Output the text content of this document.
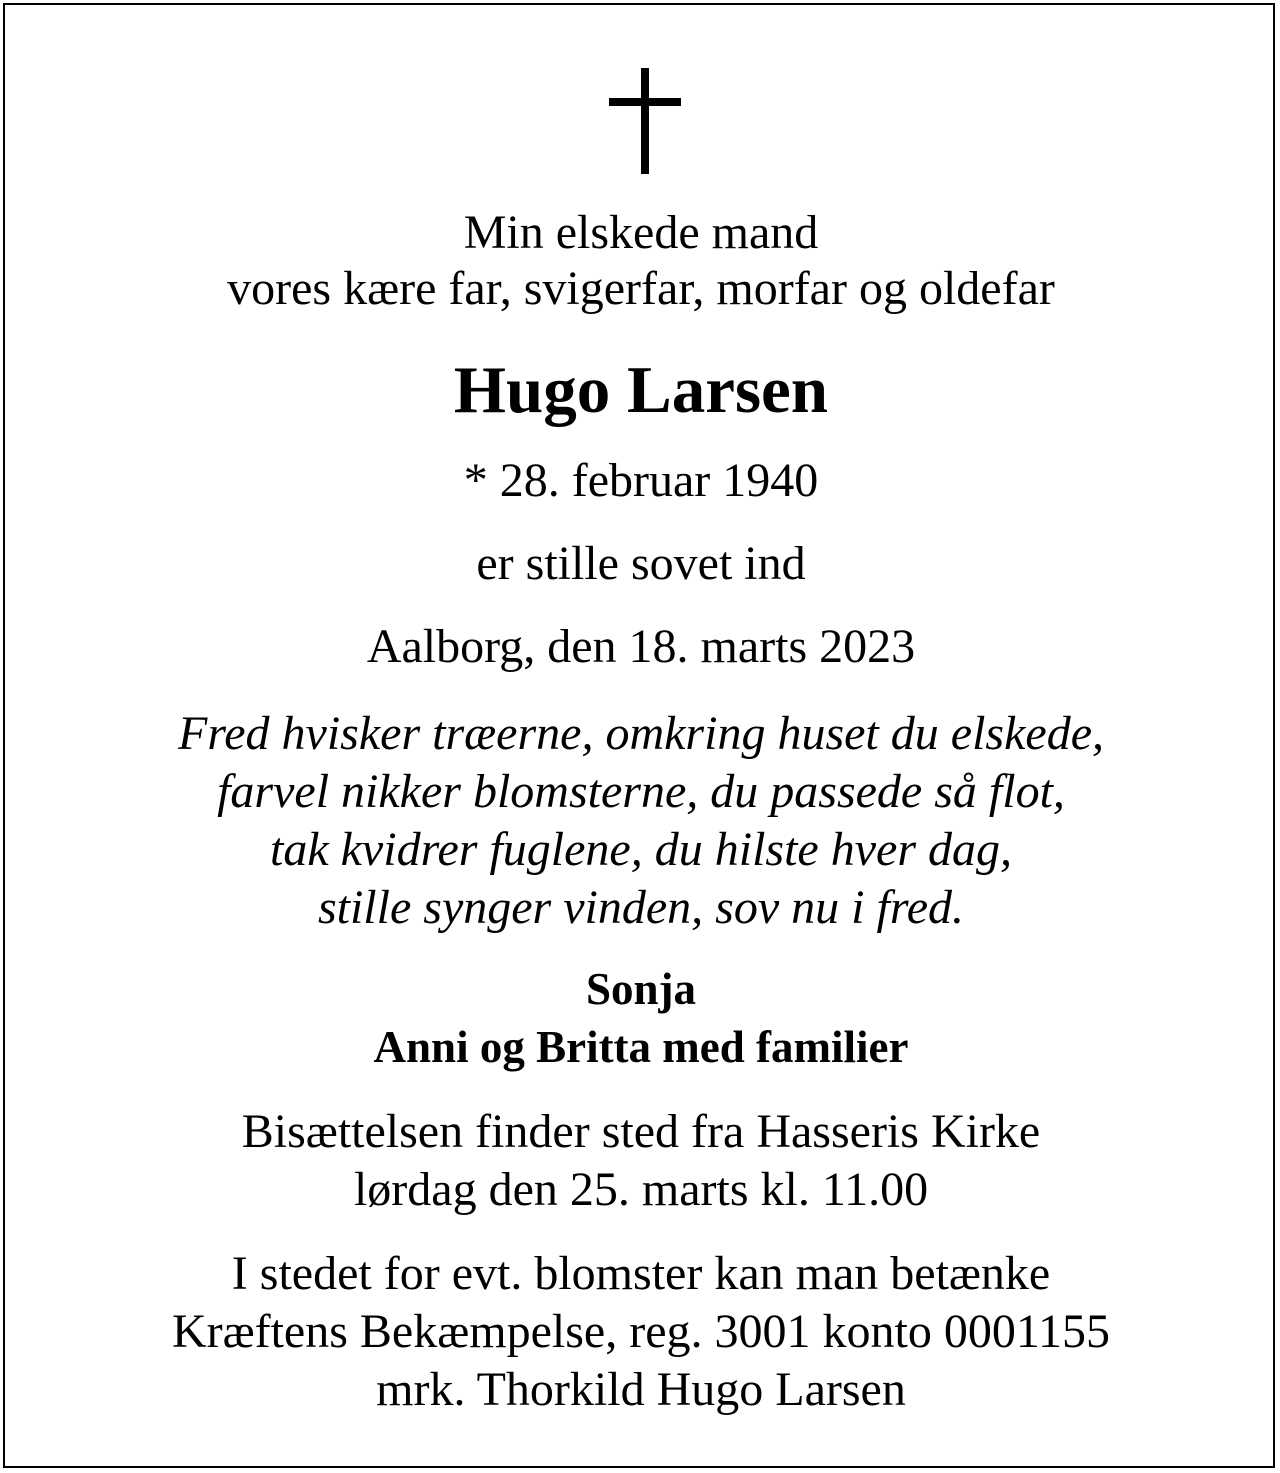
Min elskede mand
vores kære far, svigerfar, morfar og oldefar
Hugo Larsen
* 28. februar 1940
er stille sovet ind
Aalborg, den 18. marts 2023
Fred hvisker træerne, omkring huset du elskede,
farvel nikker blomsterne, du passede så flot,
tak kvidrer fuglene, du hilste hver dag,
stille synger vinden, sov nu i fred.
Sonja
Anni og Britta med familier
Bisættelsen finder sted fra Hasseris Kirke
lørdag den 25. marts kl. 11.00
I stedet for evt. blomster kan man betænke
Kræftens Bekæmpelse, reg. 3001 konto 0001155
mrk. Thorkild Hugo Larsen
